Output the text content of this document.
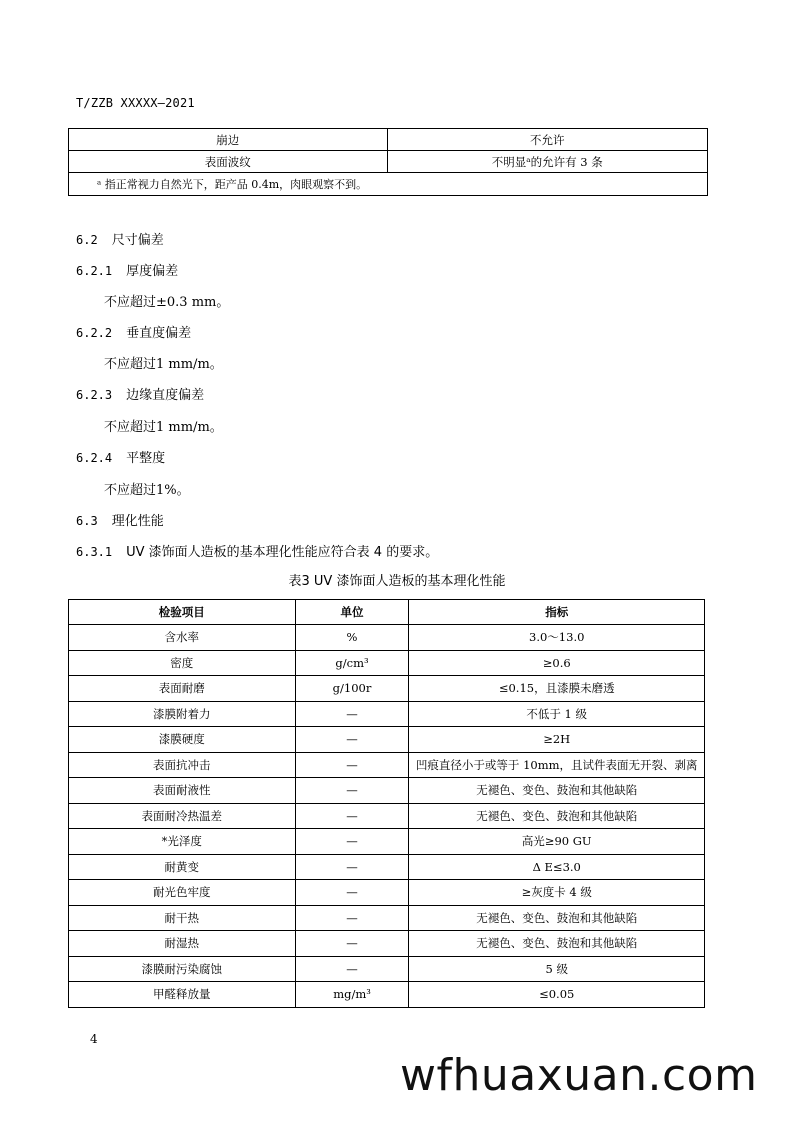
T/ZZB XXXXX—2021
崩边	不允许
表面波纹	不明显ᵃ的允许有 3 条
ᵃ 指正常视力自然光下，距产品 0.4m，肉眼观察不到。	
6.2 尺寸偏差
6.2.1 厚度偏差
不应超过±0.3 mm。
6.2.2 垂直度偏差
不应超过1 mm/m。
6.2.3 边缘直度偏差
不应超过1 mm/m。
6.2.4 平整度
不应超过1%。
6.3 理化性能
6.3.1 UV 漆饰面人造板的基本理化性能应符合表 4 的要求。
表3 UV 漆饰面人造板的基本理化性能
检验项目	单位	指标
含水率	%	3.0～13.0
密度	g/cm³	≥0.6
表面耐磨	g/100r	≤0.15，且漆膜未磨透
漆膜附着力	—	不低于 1 级
漆膜硬度	—	≥2H
表面抗冲击	—	凹痕直径小于或等于 10mm，且试件表面无开裂、剥离
表面耐液性	—	无褪色、变色、鼓泡和其他缺陷
表面耐冷热温差	—	无褪色、变色、鼓泡和其他缺陷
*光泽度	—	高光≥90 GU
耐黄变	—	Δ E≤3.0
耐光色牢度	—	≥灰度卡 4 级
耐干热	—	无褪色、变色、鼓泡和其他缺陷
耐湿热	—	无褪色、变色、鼓泡和其他缺陷
漆膜耐污染腐蚀	—	5 级
甲醛释放量	mg/m³	≤0.05
4
wfhuaxuan.com
